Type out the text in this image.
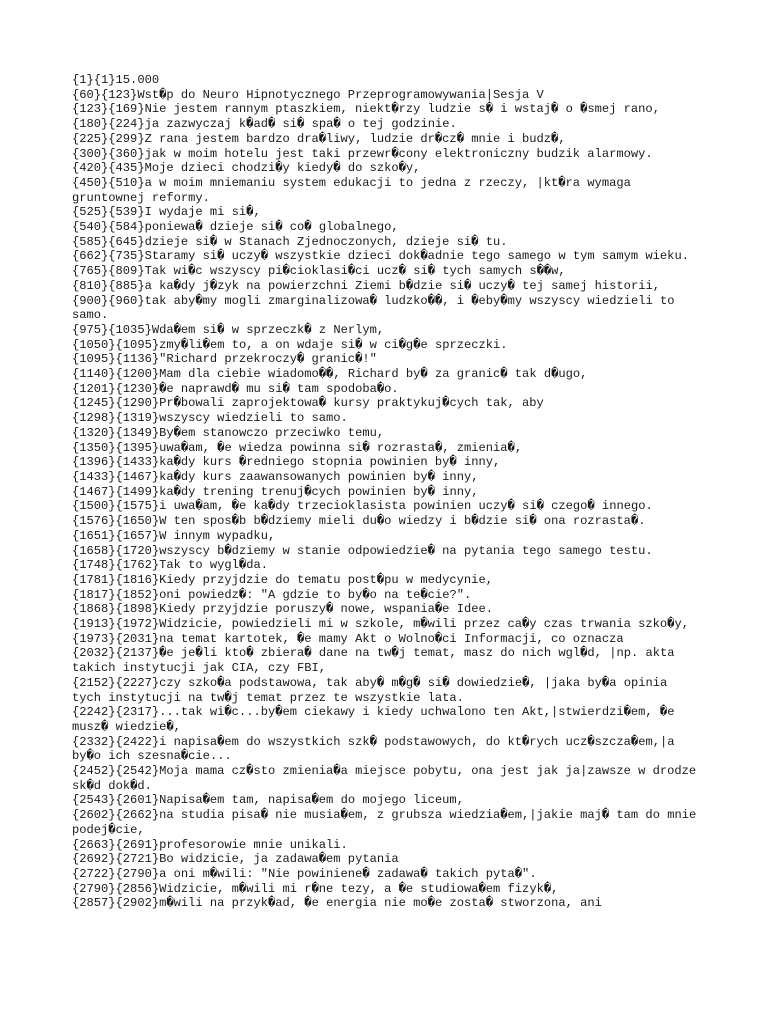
{1}{1}15.000
{60}{123}Wst�p do Neuro Hipnotycznego Przeprogramowywania|Sesja V
{123}{169}Nie jestem rannym ptaszkiem, niekt�rzy ludzie s� i wstaj� o �smej rano,
{180}{224}ja zazwyczaj k�ad� si� spa� o tej godzinie.
{225}{299}Z rana jestem bardzo dra�liwy, ludzie dr�cz� mnie i budz�,
{300}{360}jak w moim hotelu jest taki przewr�cony elektroniczny budzik alarmowy.
{420}{435}Moje dzieci chodzi�y kiedy� do szko�y,
{450}{510}a w moim mniemaniu system edukacji to jedna z rzeczy, |kt�ra wymaga gruntownej reformy.
{525}{539}I wydaje mi si�,
{540}{584}poniewa� dzieje si� co� globalnego,
{585}{645}dzieje si� w Stanach Zjednoczonych, dzieje si� tu.
{662}{735}Staramy si� uczy� wszystkie dzieci dok�adnie tego samego w tym samym wieku.
{765}{809}Tak wi�c wszyscy pi�cioklasi�ci ucz� si� tych samych s��w,
{810}{885}a ka�dy j�zyk na powierzchni Ziemi b�dzie si� uczy� tej samej historii,
{900}{960}tak aby�my mogli zmarginalizowa� ludzko��, i �eby�my wszyscy wiedzieli to samo.
{975}{1035}Wda�em si� w sprzeczk� z Nerlym,
{1050}{1095}zmy�li�em to, a on wdaje si� w ci�g�e sprzeczki.
{1095}{1136}"Richard przekroczy� granic�!"
{1140}{1200}Mam dla ciebie wiadomo��, Richard by� za granic� tak d�ugo,
{1201}{1230}�e naprawd� mu si� tam spodoba�o.
{1245}{1290}Pr�bowali zaprojektowa� kursy praktykuj�cych tak, aby
{1298}{1319}wszyscy wiedzieli to samo.
{1320}{1349}By�em stanowczo przeciwko temu,
{1350}{1395}uwa�am, �e wiedza powinna si� rozrasta�, zmienia�,
{1396}{1433}ka�dy kurs �redniego stopnia powinien by� inny,
{1433}{1467}ka�dy kurs zaawansowanych powinien by� inny,
{1467}{1499}ka�dy trening trenuj�cych powinien by� inny,
{1500}{1575}i uwa�am, �e ka�dy trzecioklasista powinien uczy� si� czego� innego.
{1576}{1650}W ten spos�b b�dziemy mieli du�o wiedzy i b�dzie si� ona rozrasta�.
{1651}{1657}W innym wypadku,
{1658}{1720}wszyscy b�dziemy w stanie odpowiedzie� na pytania tego samego testu.
{1748}{1762}Tak to wygl�da.
{1781}{1816}Kiedy przyjdzie do tematu post�pu w medycynie,
{1817}{1852}oni powiedz�: "A gdzie to by�o na te�cie?".
{1868}{1898}Kiedy przyjdzie poruszy� nowe, wspania�e Idee.
{1913}{1972}Widzicie, powiedzieli mi w szkole, m�wili przez ca�y czas trwania szko�y,
{1973}{2031}na temat kartotek, �e mamy Akt o Wolno�ci Informacji, co oznacza
{2032}{2137}�e je�li kto� zbiera� dane na tw�j temat, masz do nich wgl�d, |np. akta takich instytucji jak CIA, czy FBI,
{2152}{2227}czy szko�a podstawowa, tak aby� m�g� si� dowiedzie�, |jaka by�a opinia tych instytucji na tw�j temat przez te wszystkie lata.
{2242}{2317}...tak wi�c...by�em ciekawy i kiedy uchwalono ten Akt,|stwierdzi�em, �e musz� wiedzie�,
{2332}{2422}i napisa�em do wszystkich szk� podstawowych, do kt�rych ucz�szcza�em,|a by�o ich szesna�cie...
{2452}{2542}Moja mama cz�sto zmienia�a miejsce pobytu, ona jest jak ja|zawsze w drodze sk�d dok�d.
{2543}{2601}Napisa�em tam, napisa�em do mojego liceum,
{2602}{2662}na studia pisa� nie musia�em, z grubsza wiedzia�em,|jakie maj� tam do mnie podej�cie,
{2663}{2691}profesorowie mnie unikali.
{2692}{2721}Bo widzicie, ja zadawa�em pytania
{2722}{2790}a oni m�wili: "Nie powiniene� zadawa� takich pyta�".
{2790}{2856}Widzicie, m�wili mi r�ne tezy, a �e studiowa�em fizyk�,
{2857}{2902}m�wili na przyk�ad, �e energia nie mo�e zosta� stworzona, ani
